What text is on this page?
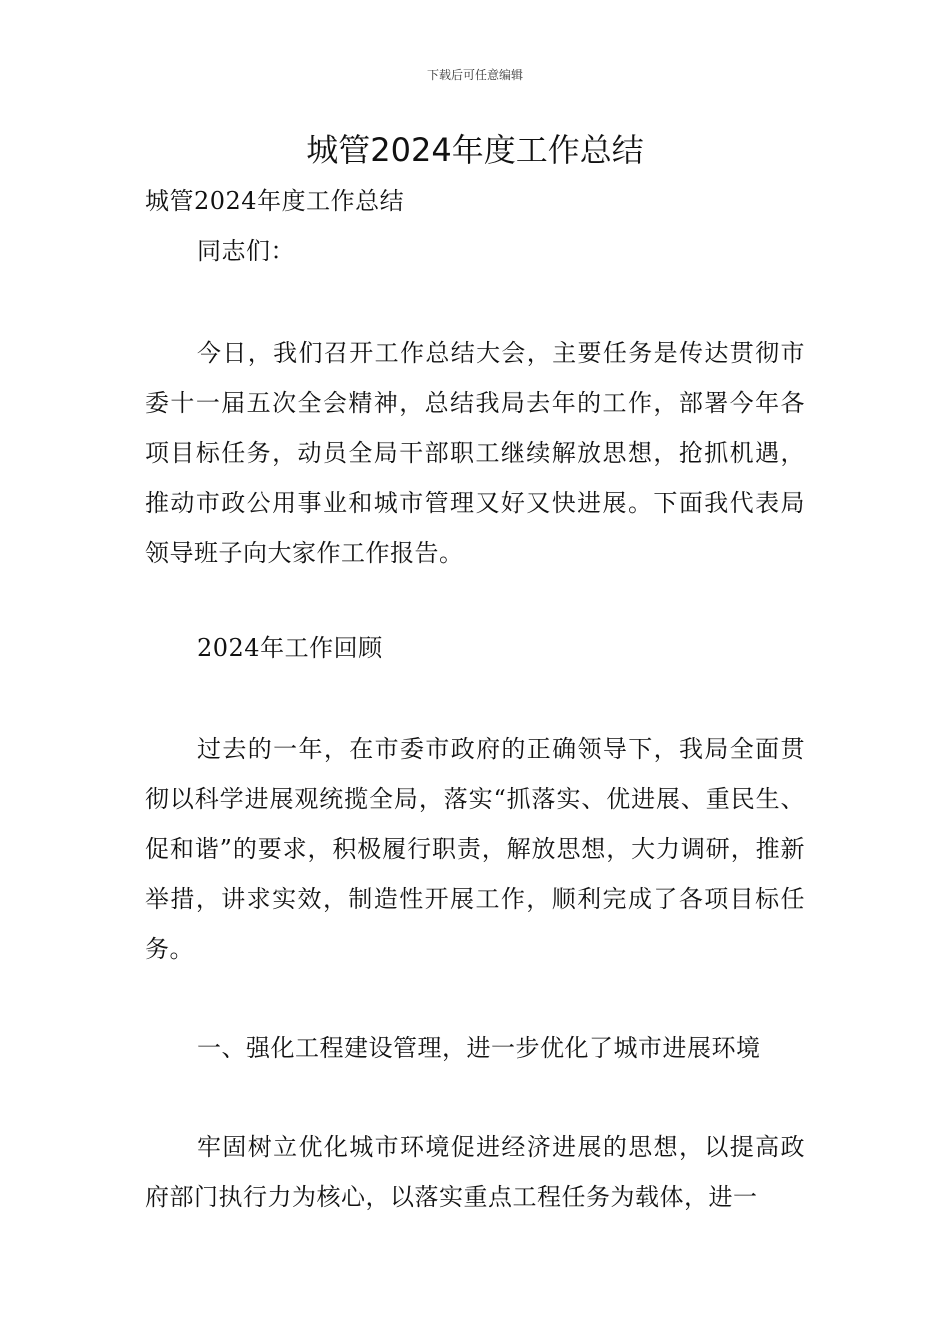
下载后可任意编辑
城管2024年度工作总结

城管2024年度工作总结

同志们：

今日，我们召开工作总结大会，主要任务是传达贯彻市委十一届五次全会精神，总结我局去年的工作，部署今年各项目标任务，动员全局干部职工继续解放思想，抢抓机遇，推动市政公用事业和城市管理又好又快进展。下面我代表局领导班子向大家作工作报告。

2024年工作回顾

过去的一年，在市委市政府的正确领导下，我局全面贯彻以科学进展观统揽全局，落实“抓落实、优进展、重民生、促和谐”的要求，积极履行职责，解放思想，大力调研，推新举措，讲求实效，制造性开展工作，顺利完成了各项目标任务。

一、强化工程建设管理，进一步优化了城市进展环境

牢固树立优化城市环境促进经济进展的思想，以提高政府部门执行力为核心，以落实重点工程任务为载体，进一
